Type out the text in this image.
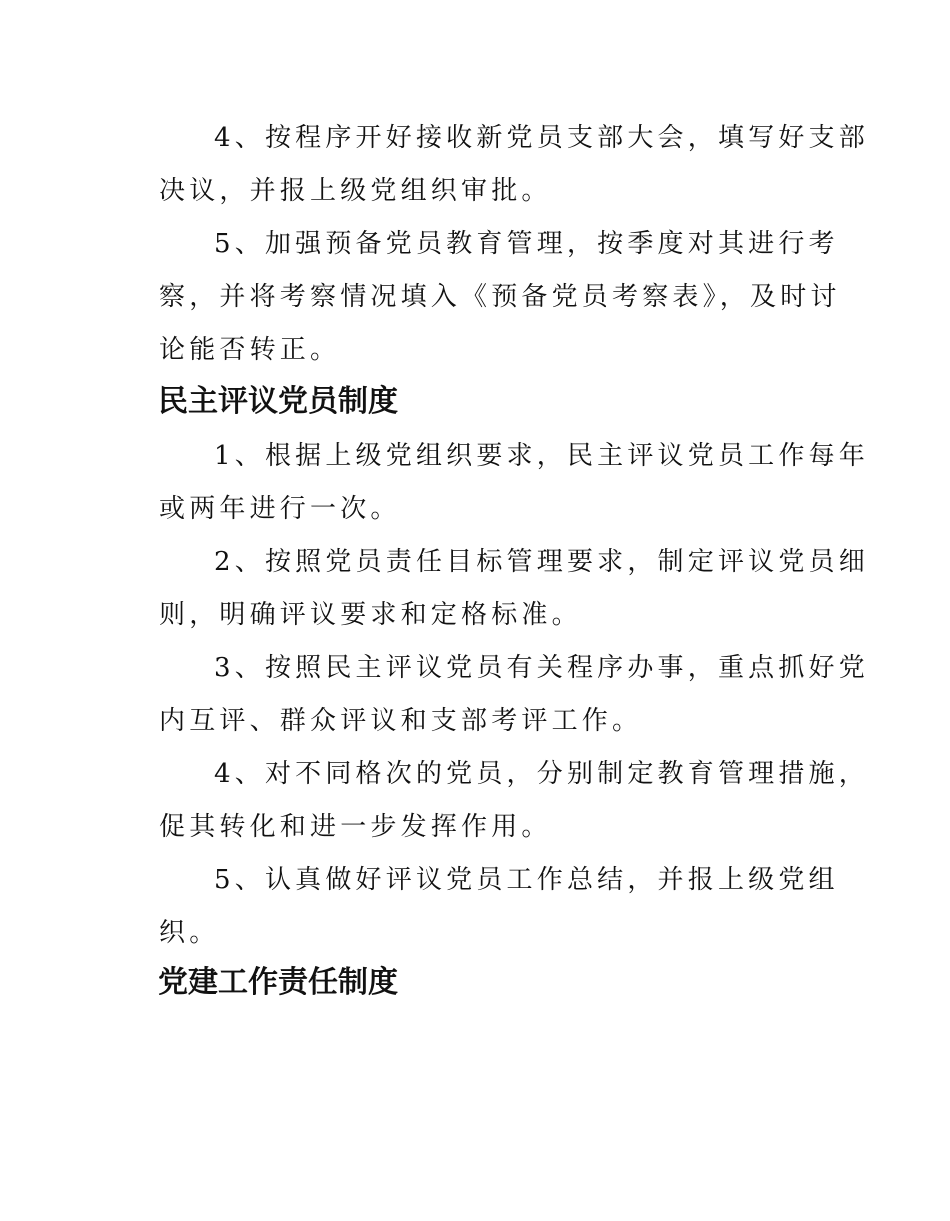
4、按程序开好接收新党员支部大会，填写好支部
决议，并报上级党组织审批。
5、加强预备党员教育管理，按季度对其进行考
察，并将考察情况填入《预备党员考察表》，及时讨
论能否转正。
民主评议党员制度
1、根据上级党组织要求，民主评议党员工作每年
或两年进行一次。
2、按照党员责任目标管理要求，制定评议党员细
则，明确评议要求和定格标准。
3、按照民主评议党员有关程序办事，重点抓好党
内互评、群众评议和支部考评工作。
4、对不同格次的党员，分别制定教育管理措施，
促其转化和进一步发挥作用。
5、认真做好评议党员工作总结，并报上级党组
织。
党建工作责任制度
